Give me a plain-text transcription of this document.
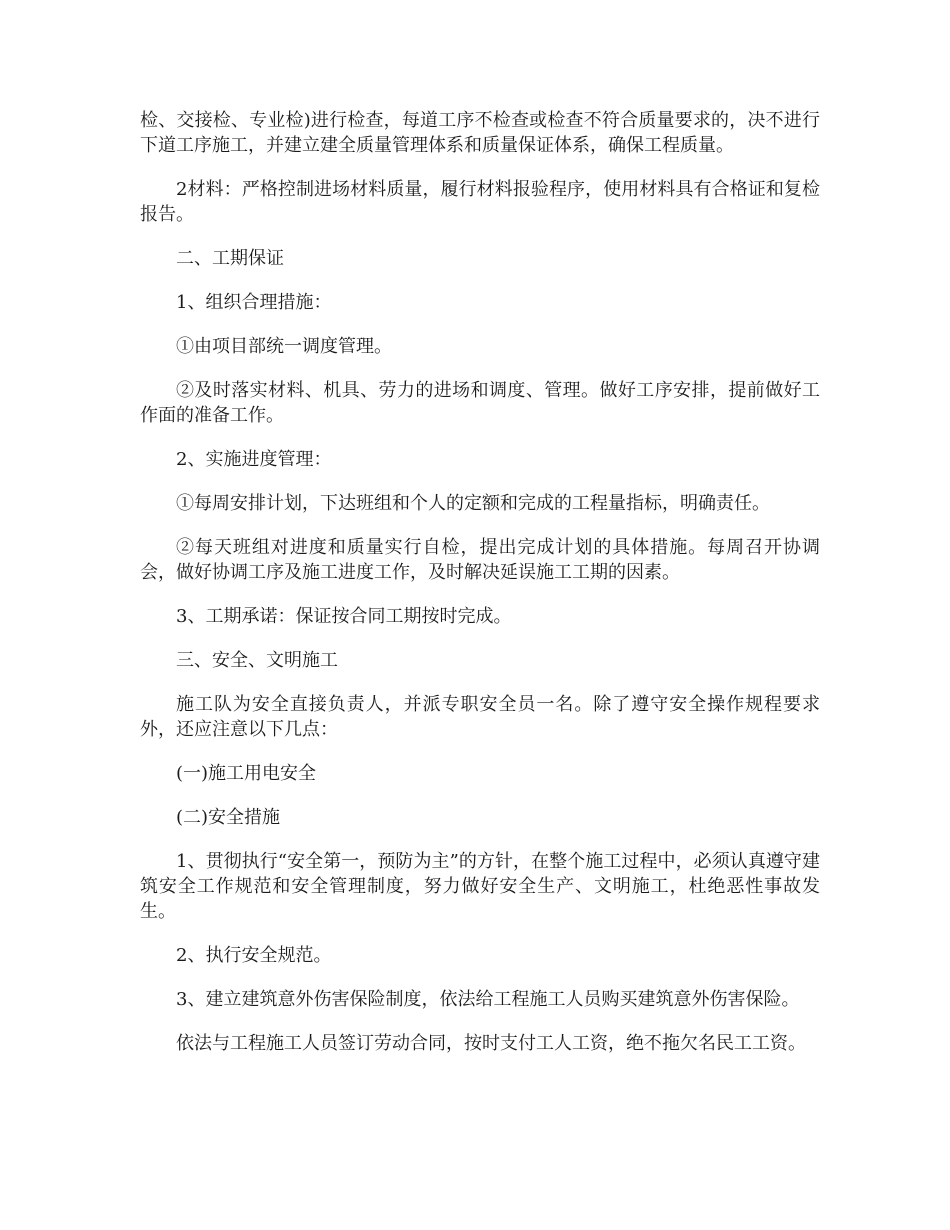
检、交接检、专业检)进行检查，每道工序不检查或检查不符合质量要求的，决不进行下道工序施工，并建立建全质量管理体系和质量保证体系，确保工程质量。

2材料：严格控制进场材料质量，履行材料报验程序，使用材料具有合格证和复检报告。

二、工期保证

1、组织合理措施：

①由项目部统一调度管理。

②及时落实材料、机具、劳力的进场和调度、管理。做好工序安排，提前做好工作面的准备工作。

2、实施进度管理：

①每周安排计划，下达班组和个人的定额和完成的工程量指标，明确责任。

②每天班组对进度和质量实行自检，提出完成计划的具体措施。每周召开协调会，做好协调工序及施工进度工作，及时解决延误施工工期的因素。

3、工期承诺：保证按合同工期按时完成。

三、安全、文明施工

施工队为安全直接负责人，并派专职安全员一名。除了遵守安全操作规程要求外，还应注意以下几点：

(一)施工用电安全

(二)安全措施

1、贯彻执行“安全第一，预防为主”的方针，在整个施工过程中，必须认真遵守建筑安全工作规范和安全管理制度，努力做好安全生产、文明施工，杜绝恶性事故发生。

2、执行安全规范。

3、建立建筑意外伤害保险制度，依法给工程施工人员购买建筑意外伤害保险。

依法与工程施工人员签订劳动合同，按时支付工人工资，绝不拖欠名民工工资。
